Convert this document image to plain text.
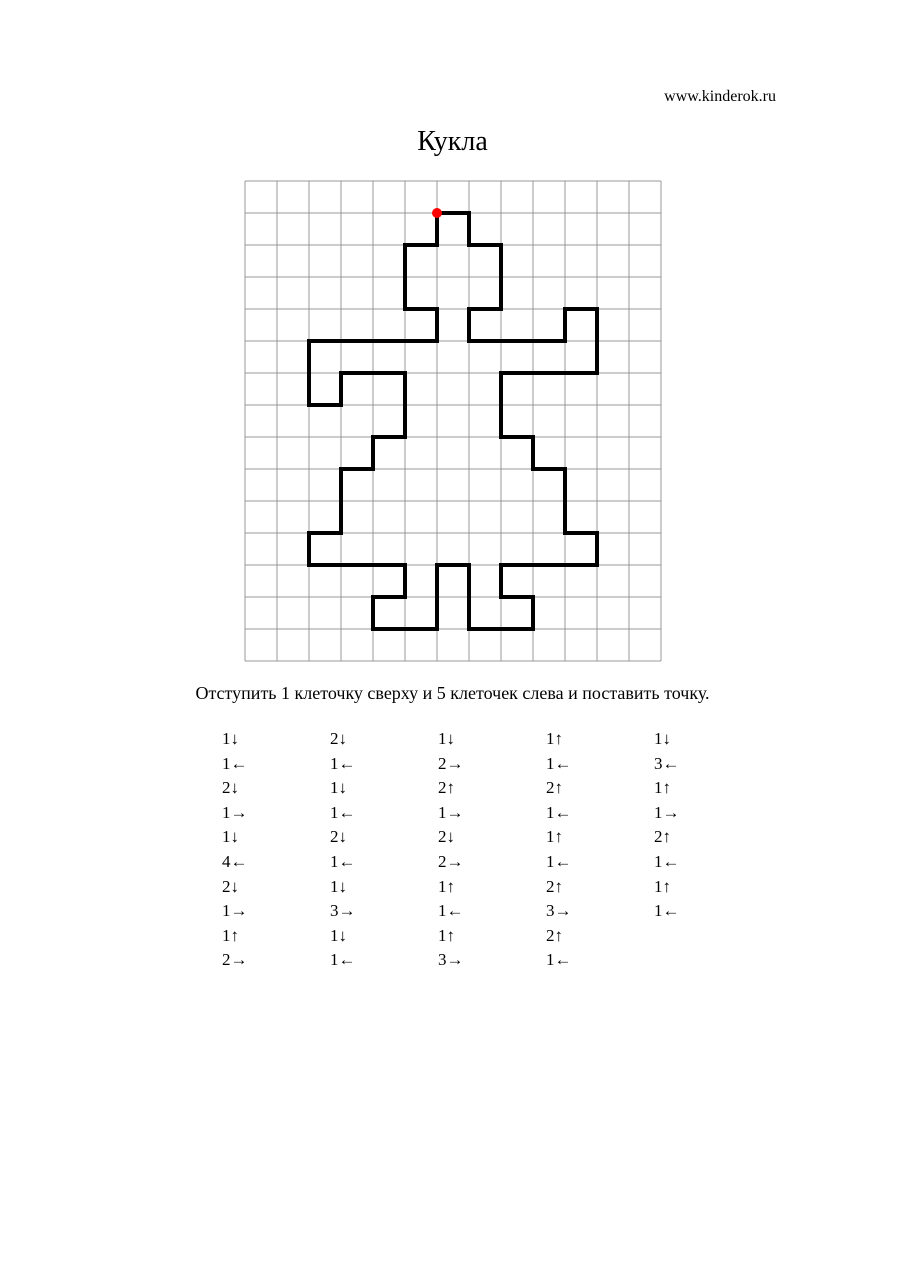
www.kinderok.ru
Кукла
Отступить 1 клеточку сверху и 5 клеточек слева и поставить точку.
1↓
1←
2↓
1→
1↓
4←
2↓
1→
1↑
2→
2↓
1←
1↓
1←
2↓
1←
1↓
3→
1↓
1←
1↓
2→
2↑
1→
2↓
2→
1↑
1←
1↑
3→
1↑
1←
2↑
1←
1↑
1←
2↑
3→
2↑
1←
1↓
3←
1↑
1→
2↑
1←
1↑
1←
